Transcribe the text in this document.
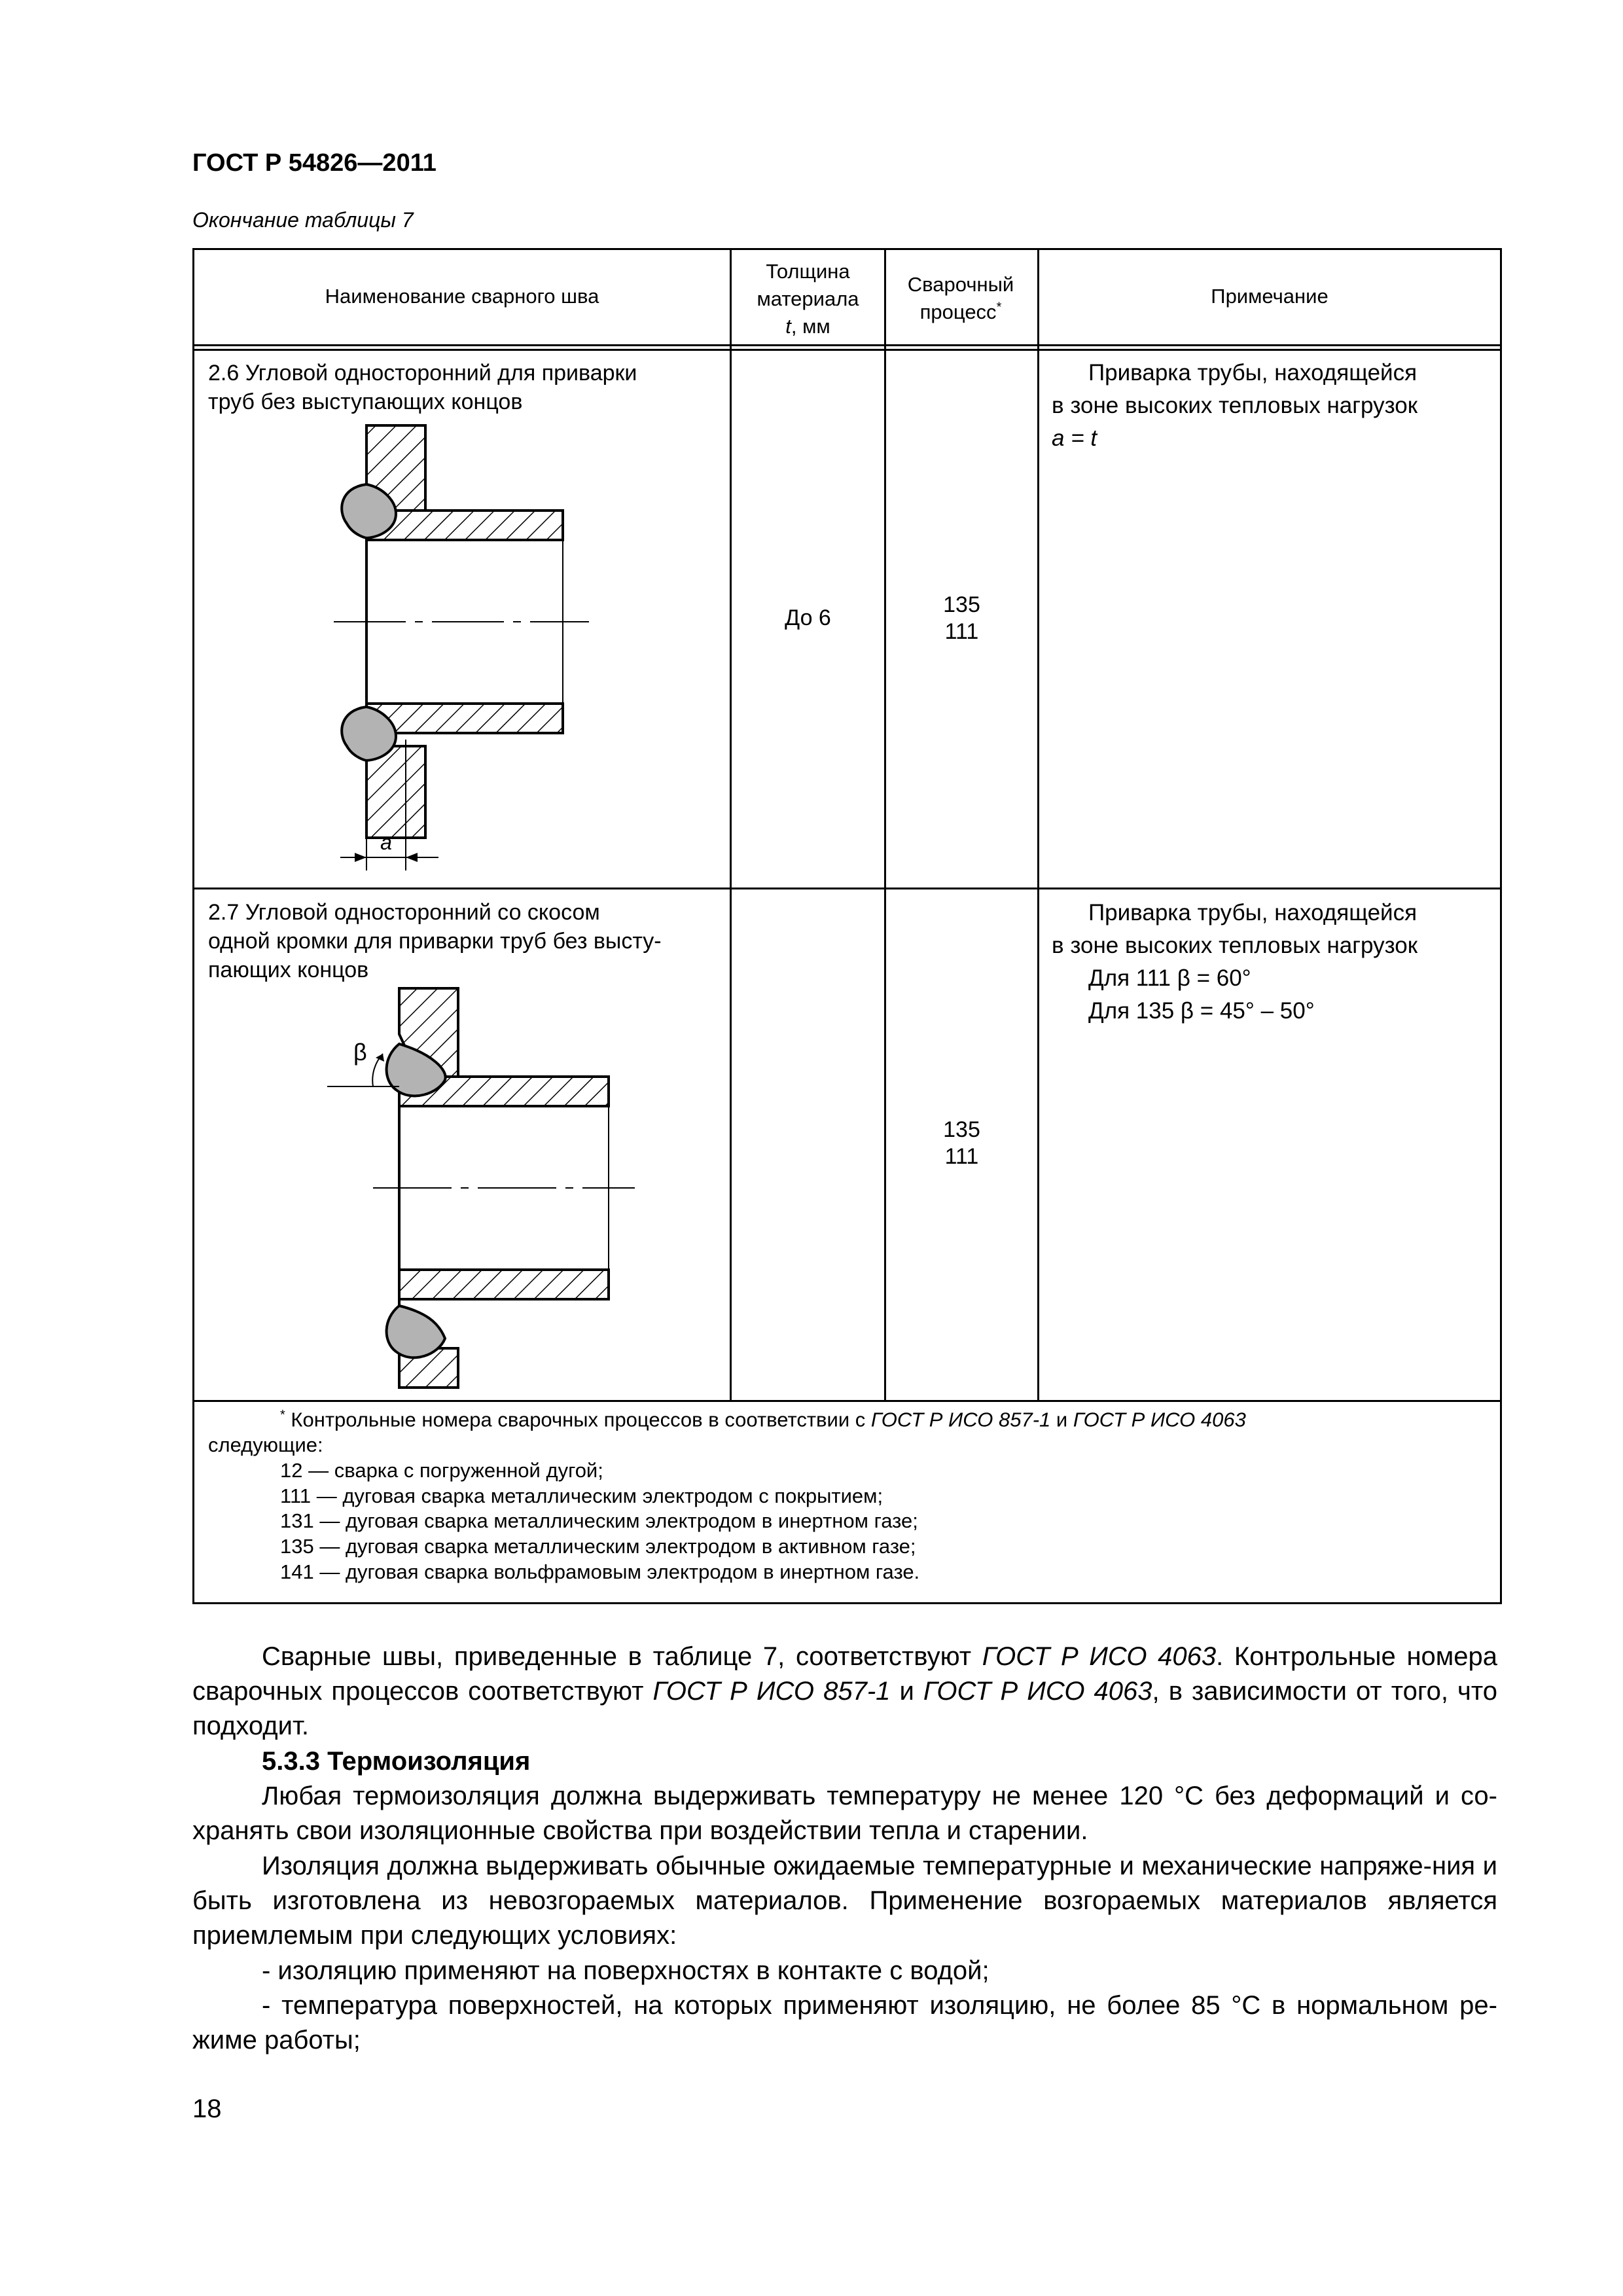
ГОСТ Р 54826—2011
Окончание таблицы 7
Наименование сварного шва
Толщина
материала
t, мм
Сварочный процесс*	Примечание
2.6 Угловой односторонний для приварки
труб без выступающих концов
До 6
135
111
Приварка трубы, находящейся
в зоне высоких тепловых нагрузок
a = t
a
2.7 Угловой односторонний со скосом
одной кромки для приварки труб без высту-
пающих концов
135
111
Приварка трубы, находящейся
в зоне высоких тепловых нагрузок
Для 111 β = 60°
Для 135 β = 45° – 50°
β
* Контрольные номера сварочных процессов в соответствии с ГОСТ Р ИСО 857-1 и ГОСТ Р ИСО 4063
следующие:
12 — сварка с погруженной дугой;
111 — дуговая сварка металлическим электродом с покрытием;
131 — дуговая сварка металлическим электродом в инертном газе;
135 — дуговая сварка металлическим электродом в активном газе;
141 — дуговая сварка вольфрамовым электродом в инертном газе.
Сварные швы, приведенные в таблице 7, соответствуют ГОСТ Р ИСО 4063. Контрольные номера сварочных процессов соответствуют ГОСТ Р ИСО 857-1 и ГОСТ Р ИСО 4063, в зависимости от того, что подходит.
5.3.3 Термоизоляция
Любая термоизоляция должна выдерживать температуру не менее 120 °С без деформаций и со-хранять свои изоляционные свойства при воздействии тепла и старении.
Изоляция должна выдерживать обычные ожидаемые температурные и механические напряже-ния и быть изготовлена из невозгораемых материалов. Применение возгораемых материалов является приемлемым при следующих условиях:
- изоляцию применяют на поверхностях в контакте с водой;
- температура поверхностей, на которых применяют изоляцию, не более 85 °С в нормальном ре-жиме работы;
18
